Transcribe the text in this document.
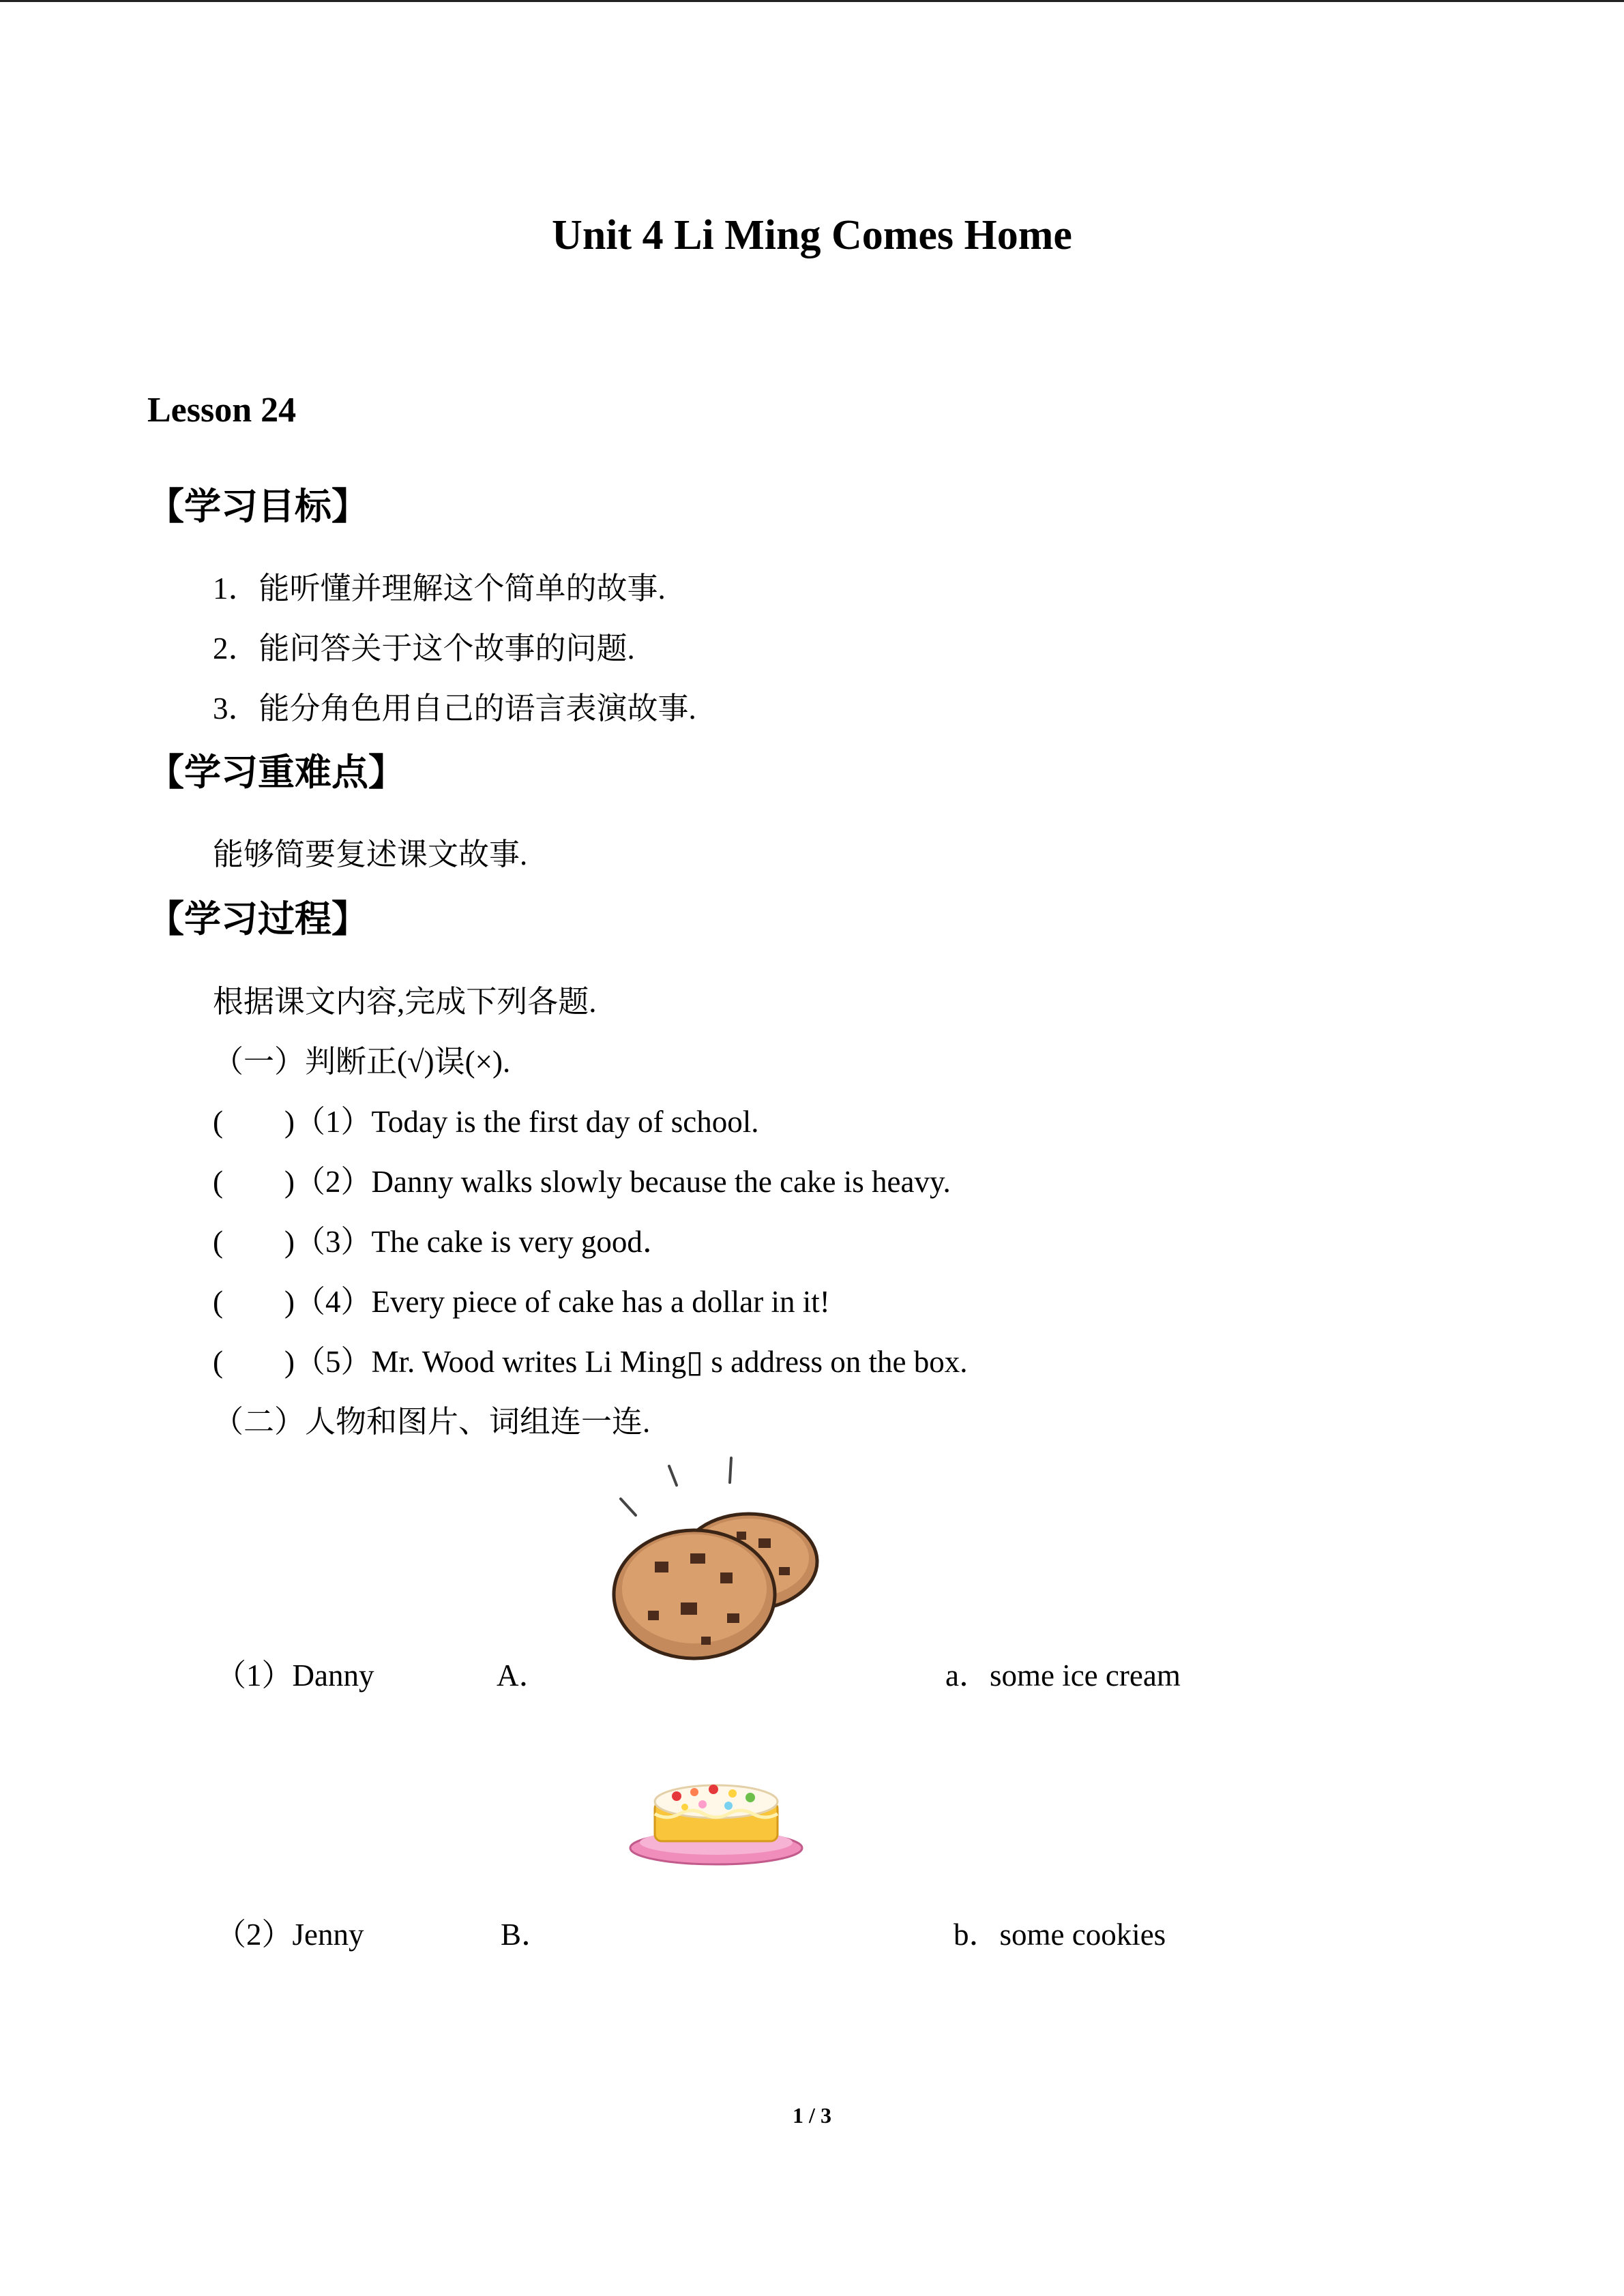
Unit 4 Li Ming Comes Home
Lesson 24
【学习目标】
1．能听懂并理解这个简单的故事.
2．能问答关于这个故事的问题.
3．能分角色用自己的语言表演故事.
【学习重难点】
能够简要复述课文故事.
【学习过程】
根据课文内容,完成下列各题.
（一）判断正(√)误(×).
( )（1）Today is the first day of school.
( )（2）Danny walks slowly because the cake is heavy.
( )（3）The cake is very good．
( )（4）Every piece of cake has a dollar in it!
( )（5）Mr. Wood writes Li Ming▯ s address on the box.
（二）人物和图片、词组连一连.
（1）Danny	A．	a．some ice cream
（2）Jenny	B．	b．some cookies
1 / 3
